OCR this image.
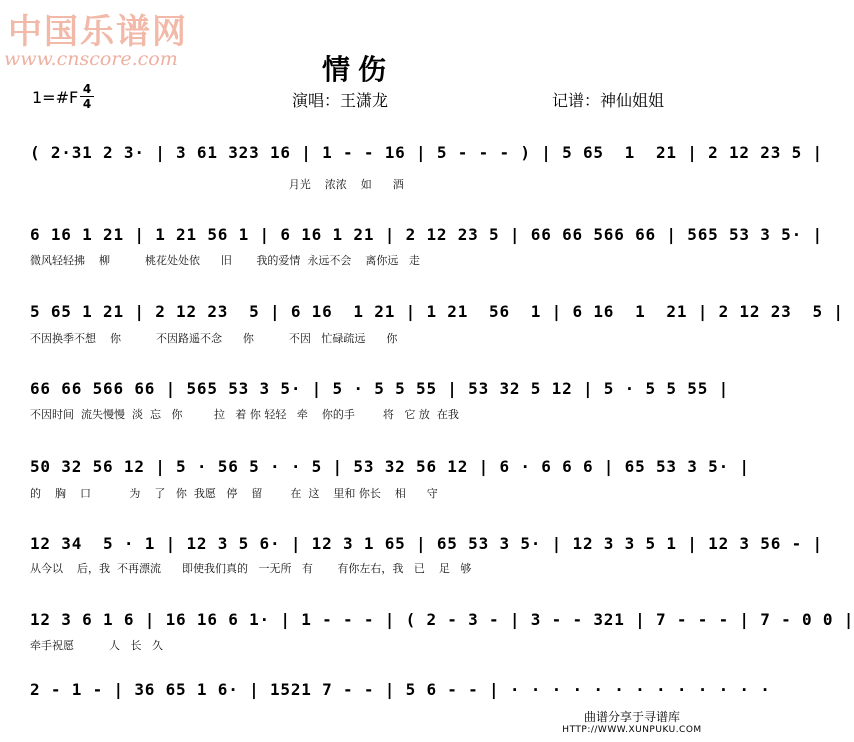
中国乐谱网
www.cnscore.com	情伤
1=#F 4
4	演唱：王潇龙	记谱：神仙姐姐
( 2·31 2 3· | 3 61 323 16 | 1 - - 16 | 5 - - - ) | 5 65  1  21 | 2 12 23 5 |
月光    浓浓    如      酒
6 16 1 21 | 1 21 56 1 | 6 16 1 21 | 2 12 23 5 | 66 66 566 66 | 565 53 3 5· |
微风轻轻拂    柳          桃花处处依      旧       我的爱情  永远不会    离你远   走
5 65 1 21 | 2 12 23  5 | 6 16  1 21 | 1 21  56  1 | 6 16  1  21 | 2 12 23  5 |
不因换季不想    你          不因路遥不念      你          不因   忙碌疏远      你
66 66 566 66 | 565 53 3 5· | 5 · 5 5 55 | 53 32 5 12 | 5 · 5 5 55 |
不因时间  流失慢慢  淡  忘   你         拉   着 你 轻轻   牵    你的手        将   它 放  在我
50 32 56 12 | 5 · 56 5 · · 5 | 53 32 56 12 | 6 · 6 6 6 | 65 53 3 5· |
的    胸    口           为    了   你  我愿   停    留        在  这    里和 你长    相      守
12 34  5 · 1 | 12 3 5 6· | 12 3 1 65 | 65 53 3 5· | 12 3 3 5 1 | 12 3 56 - |
从今以    后，我  不再漂流      即使我们真的   一无所   有       有你左右，我   已    足   够
12 3 6 1 6 | 16 16 6 1· | 1 - - - | ( 2 - 3 - | 3 - - 321 | 7 - - - | 7 - 0 0 |
牵手祝愿          人   长   久
2 - 1 - | 36 65 1 6· | 1521 7 - - | 5 6 - - | · · · · · · · · · · · · ·
曲谱分享于寻谱库
HTTP://WWW.XUNPUKU.COM
